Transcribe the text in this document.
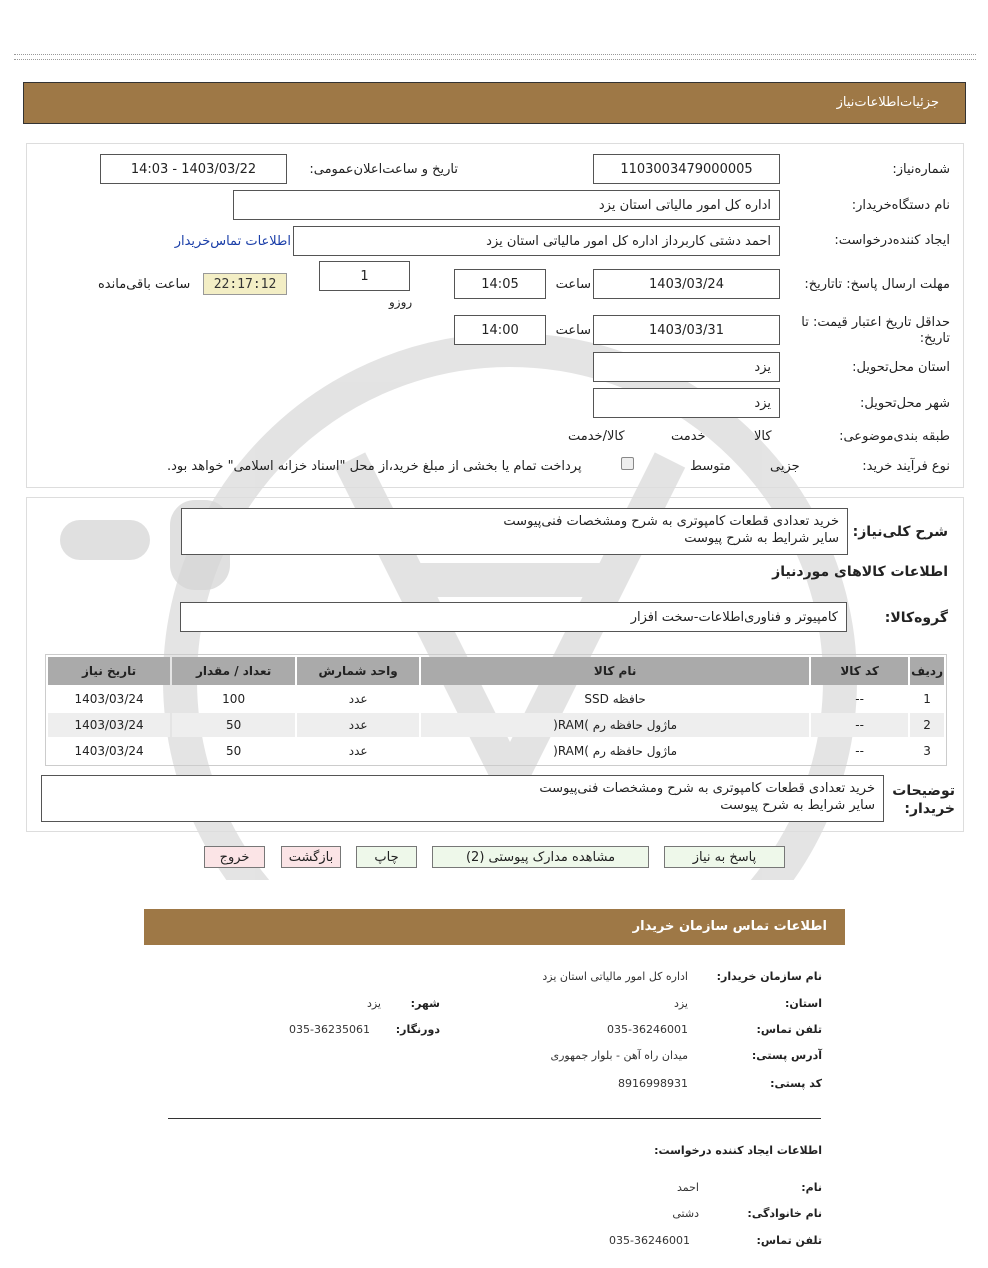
جزئیات‌اطلاعات‌نیاز
شماره‌نیاز:
1103003479000005
تاریخ و ساعت‌اعلان‌عمومی:
1403/03/22 - 14:03
نام دستگاه‌خریدار:
اداره کل امور مالیاتی استان یزد
ایجاد کننده‌درخواست:
احمد دشتی کاربرداز اداره کل امور مالیاتی استان یزد
اطلاعات تماس‌خریدار
مهلت ارسال پاسخ: تاتاریخ:
1403/03/24
ساعت
14:05
1
روزو
22:17:12
ساعت باقی‌مانده
حداقل تاریخ اعتبار قیمت: تا تاریخ:
1403/03/31
ساعت
14:00
استان محل‌تحویل:
یزد
شهر محل‌تحویل:
یزد
طبقه بندی‌موضوعی:

کالا

خدمت

کالا/خدمت
نوع فرآیند خرید:

جزیی
متوسط
پرداخت تمام یا بخشی از مبلغ خرید،از محل "اسناد خزانه اسلامی" خواهد بود.
شرح کلی‌نیاز:
خرید تعدادی قطعات کامپوتری به شرح ومشخصات فنی‌پیوست
سایر شرایط به شرح پیوست
اطلاعات کالاهای موردنیاز
گروه‌کالا:
کامپیوتر و فناوری‌اطلاعات-سخت افزار
ردیف	کد کالا	نام کالا	واحد شمارش	تعداد / مقدار	تاریخ نیاز
1	--	حافظه SSD	عدد	100	1403/03/24
2	--	ماژول حافظه رم )RAM(	عدد	50	1403/03/24
3	--	ماژول حافظه رم )RAM(	عدد	50	1403/03/24
توضیحات
خریدار:
خرید تعدادی قطعات کامپوتری به شرح ومشخصات فنی‌پیوست
سایر شرایط به شرح پیوست
پاسخ به نیاز
مشاهده مدارک پیوستی (2)
چاپ
بازگشت
خروج
اطلاعات تماس سازمان خریدار
نام سازمان خریدار:
اداره کل امور مالیاتی استان یزد
استان:
یزد
شهر:
یزد
تلفن تماس:
035-36246001
دورنگار:
035-36235061
آدرس پستی:
میدان راه آهن - بلوار جمهوری
کد پستی:
8916998931
اطلاعات ایجاد کننده درخواست:
نام:
احمد
نام خانوادگی:
دشتی
تلفن تماس:
035-36246001
